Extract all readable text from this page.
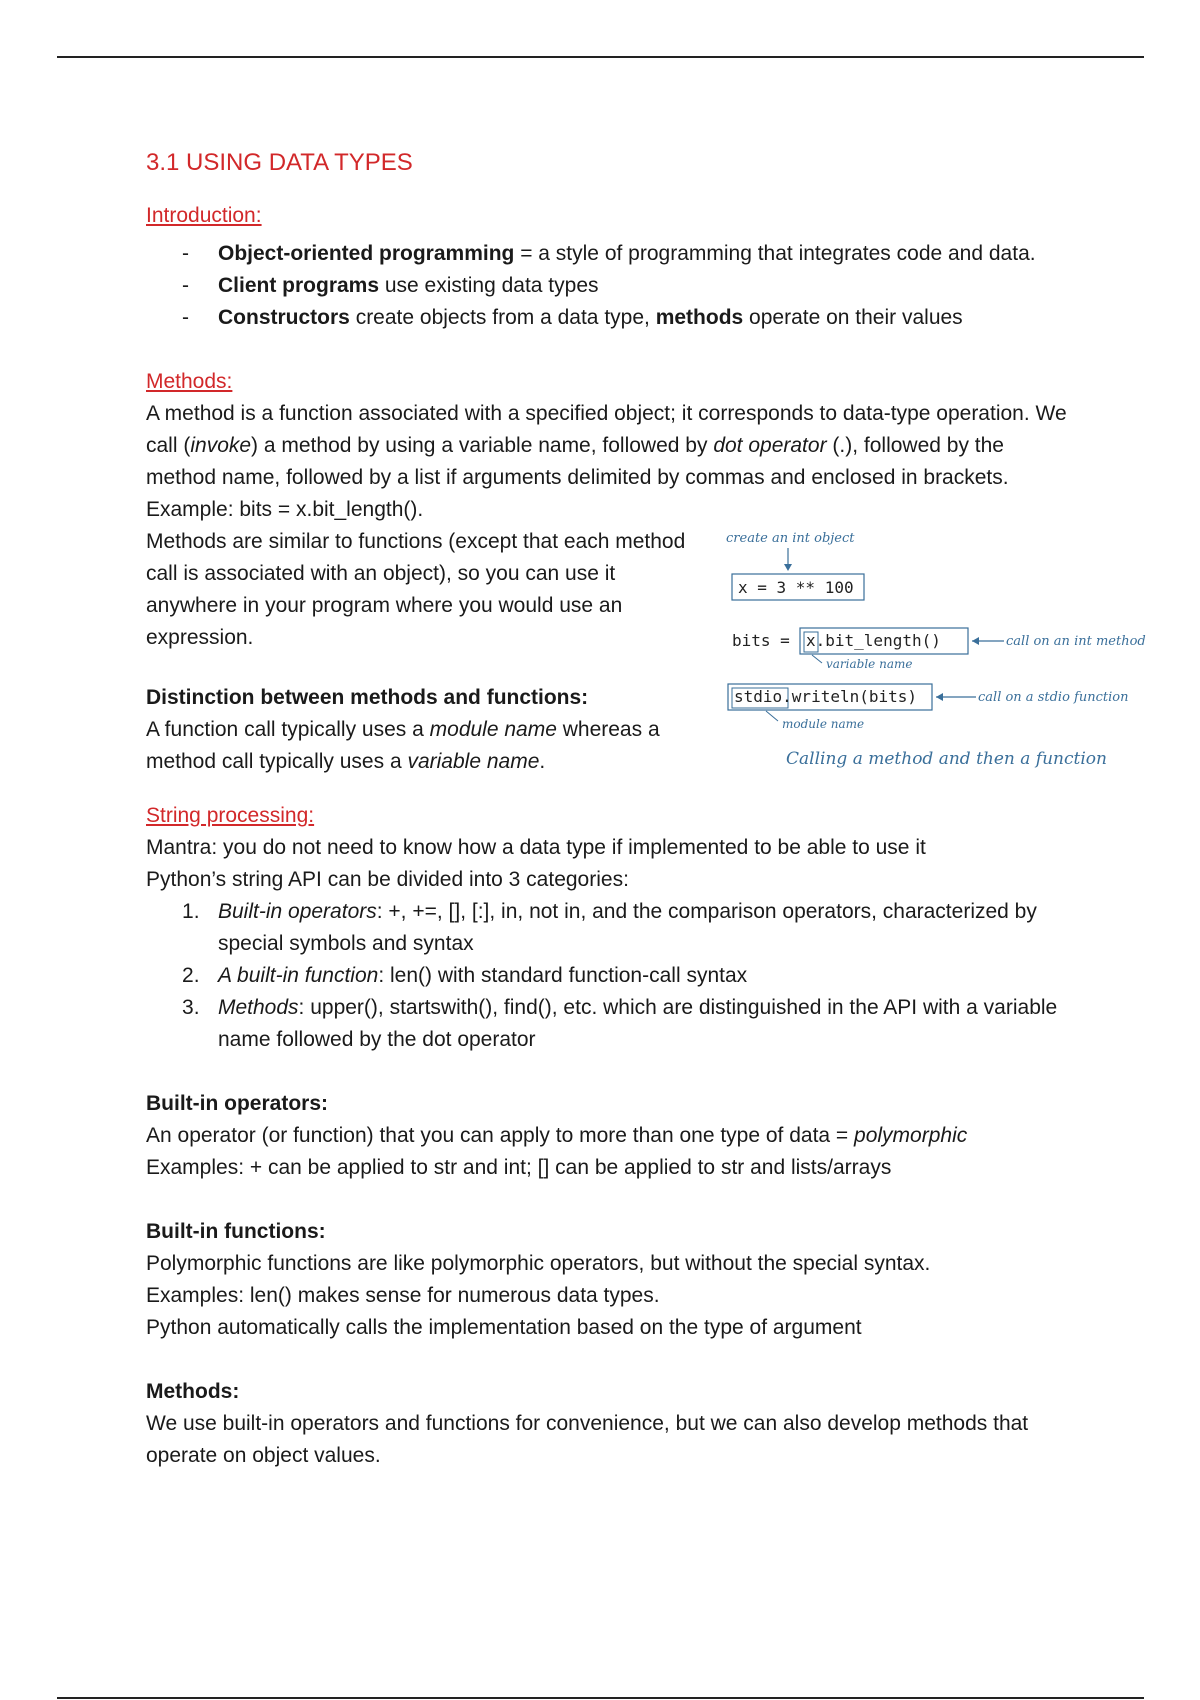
3.1 USING DATA TYPES
Introduction:
- Object-oriented programming = a style of programming that integrates code and data.
- Client programs use existing data types
- Constructors create objects from a data type, methods operate on their values
Methods:

A method is a function associated with a specified object; it corresponds to data-type operation. We call (invoke) a method by using a variable name, followed by dot operator (.), followed by the method name, followed by a list if arguments delimited by commas and enclosed in brackets. Example: bits = x.bit_length().

Methods are similar to functions (except that each method call is associated with an object), so you can use it anywhere in your program where you would use an expression.

Distinction between methods and functions:

A function call typically uses a module name whereas a method call typically uses a variable name.

create an int object
x = 3 ** 100
bits = x.bit_length()	call on an int method
variable name
stdio.writeln(bits)	call on a stdio function
module name
Calling a method and then a function
String processing:

Mantra: you do not need to know how a data type if implemented to be able to use it

Python’s string API can be divided into 3 categories:

Built-in operators: +, +=, [], [:], in, not in, and the comparison operators, characterized by special symbols and syntax
A built-in function: len() with standard function-call syntax
Methods: upper(), startswith(), find(), etc. which are distinguished in the API with a variable name followed by the dot operator

Built-in operators:

An operator (or function) that you can apply to more than one type of data = polymorphic

Examples: + can be applied to str and int; [] can be applied to str and lists/arrays

Built-in functions:

Polymorphic functions are like polymorphic operators, but without the special syntax.

Examples: len() makes sense for numerous data types.

Python automatically calls the implementation based on the type of argument

Methods:

We use built-in operators and functions for convenience, but we can also develop methods that operate on object values.
